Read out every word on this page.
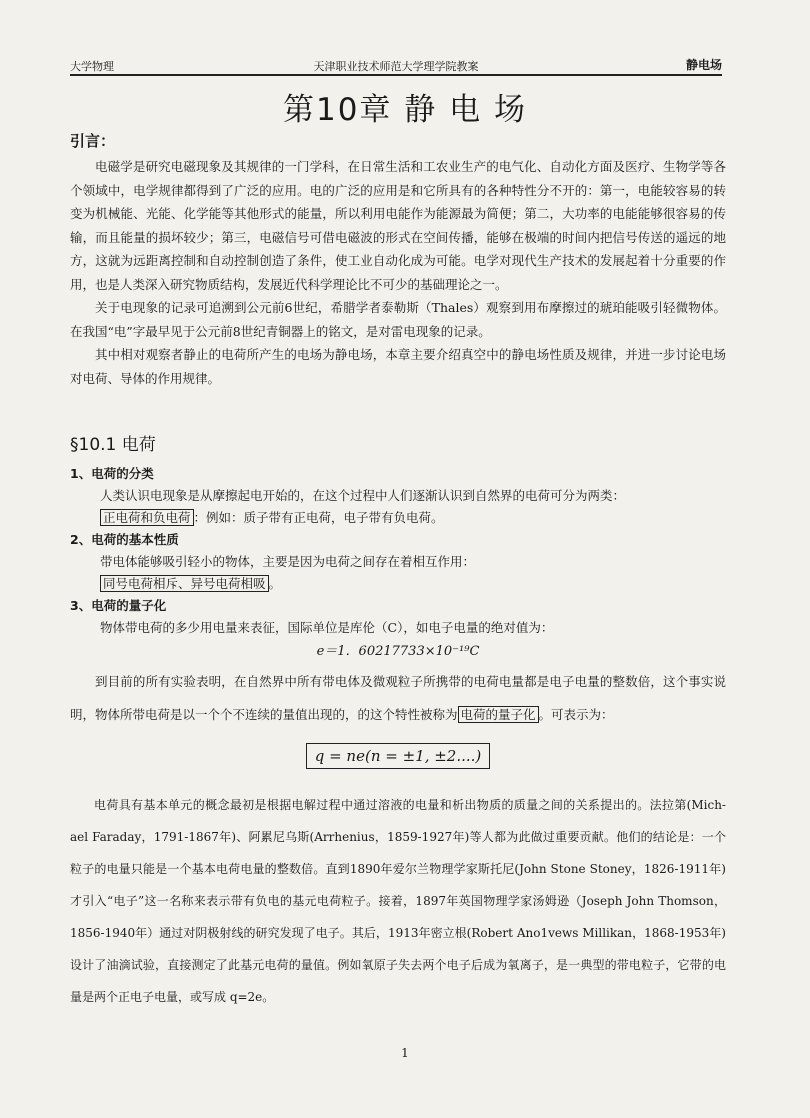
大学物理	天津职业技术师范大学理学院教案	静电场
第10章 静 电 场

引言：

电磁学是研究电磁现象及其规律的一门学科，在日常生活和工农业生产的电气化、自动化方面及医疗、生物学等各个领域中，电学规律都得到了广泛的应用。电的广泛的应用是和它所具有的各种特性分不开的：第一，电能较容易的转变为机械能、光能、化学能等其他形式的能量，所以利用电能作为能源最为简便；第二，大功率的电能能够很容易的传输，而且能量的损坏较少；第三，电磁信号可借电磁波的形式在空间传播，能够在极端的时间内把信号传送的遥远的地方，这就为远距离控制和自动控制创造了条件，使工业自动化成为可能。电学对现代生产技术的发展起着十分重要的作用，也是人类深入研究物质结构，发展近代科学理论比不可少的基础理论之一。

关于电现象的记录可追溯到公元前6世纪，希腊学者泰勒斯（Thales）观察到用布摩擦过的琥珀能吸引轻微物体。在我国“电”字最早见于公元前8世纪青铜器上的铭文，是对雷电现象的记录。

其中相对观察者静止的电荷所产生的电场为静电场，本章主要介绍真空中的静电场性质及规律，并进一步讨论电场对电荷、导体的作用规律。

§10.1 电荷

1、电荷的分类

人类认识电现象是从摩擦起电开始的，在这个过程中人们逐渐认识到自然界的电荷可分为两类：

正电荷和负电荷 ：例如：质子带有正电荷，电子带有负电荷。

2、电荷的基本性质

带电体能够吸引轻小的物体，主要是因为电荷之间存在着相互作用：

同号电荷相斥、异号电荷相吸 。

3、电荷的量子化

物体带电荷的多少用电量来表征，国际单位是库伦（C），如电子电量的绝对值为：

e＝1．60217733×10⁻¹⁹C

到目前的所有实验表明，在自然界中所有带电体及微观粒子所携带的电荷电量都是电子电量的整数倍，这个事实说明，物体所带电荷是以一个个不连续的量值出现的，的这个特性被称为 电荷的量子化 。可表示为：

q = ne(n = ±1, ±2....)

电荷具有基本单元的概念最初是根据电解过程中通过溶液的电量和析出物质的质量之间的关系提出的。法拉第(Mich-ael Faraday，1791-1867年)、阿累尼乌斯(Arrhenius，1859-1927年)等人都为此做过重要贡献。他们的结论是：一个粒子的电量只能是一个基本电荷电量的整数倍。直到1890年爱尔兰物理学家斯托尼(John Stone Stoney，1826-1911年)才引入“电子”这一名称来表示带有负电的基元电荷粒子。接着，1897年英国物理学家汤姆逊（Joseph John Thomson，1856-1940年）通过对阴极射线的研究发现了电子。其后，1913年密立根(Robert Ano1vews Millikan，1868-1953年)设计了油滴试验，直接测定了此基元电荷的量值。例如氧原子失去两个电子后成为氧离子，是一典型的带电粒子，它带的电量是两个正电子电量，或写成 q=2e。

1
